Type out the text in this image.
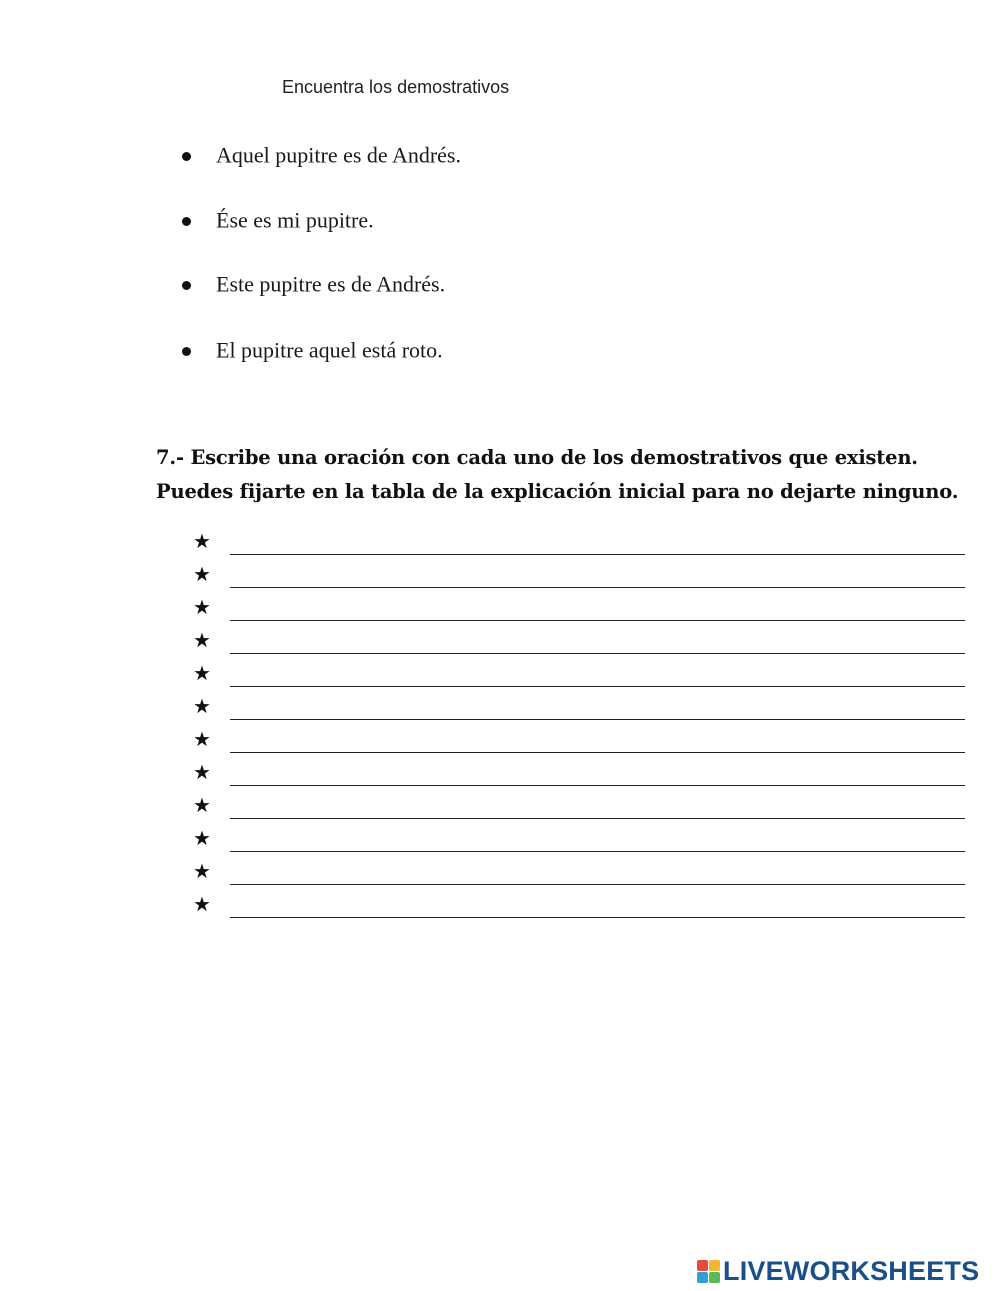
Encuentra los demostrativos
Aquel pupitre es de Andrés.
Ése es mi pupitre.
Este pupitre es de Andrés.
El pupitre aquel está roto.
7.- Escribe una oración con cada uno de los demostrativos que existen.
Puedes fijarte en la tabla de la explicación inicial para no dejarte ninguno.
★
★
★
★
★
★
★
★
★
★
★
★
LIVEWORKSHEETS
